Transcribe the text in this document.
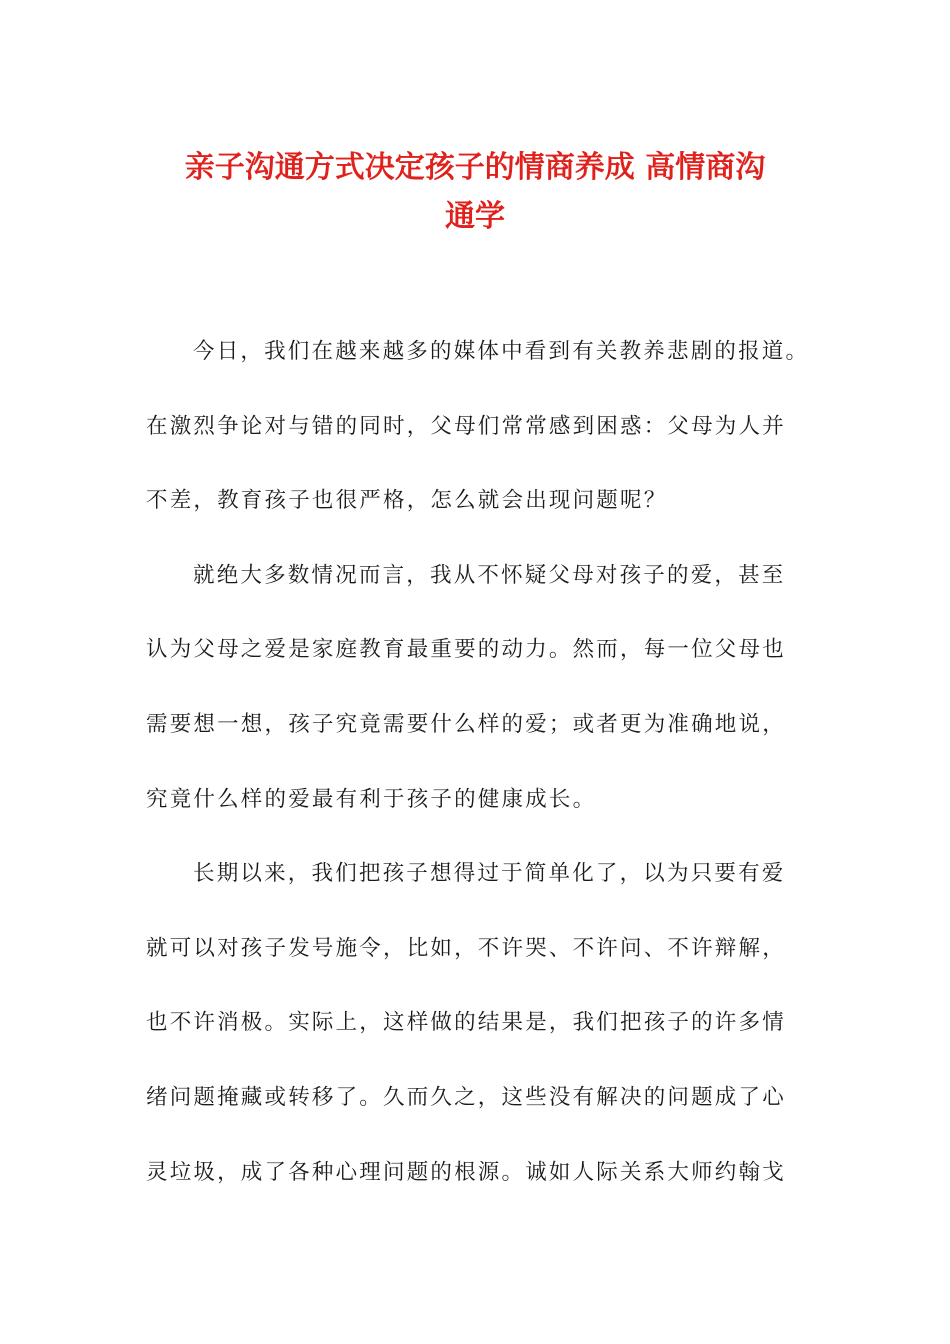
亲子沟通方式决定孩子的情商养成 高情商沟
通学
今日，我们在越来越多的媒体中看到有关教养悲剧的报道。
在激烈争论对与错的同时，父母们常常感到困惑：父母为人并
不差，教育孩子也很严格，怎么就会出现问题呢？
就绝大多数情况而言，我从不怀疑父母对孩子的爱，甚至
认为父母之爱是家庭教育最重要的动力。然而，每一位父母也
需要想一想，孩子究竟需要什么样的爱；或者更为准确地说，
究竟什么样的爱最有利于孩子的健康成长。
长期以来，我们把孩子想得过于简单化了，以为只要有爱
就可以对孩子发号施令，比如，不许哭、不许问、不许辩解，
也不许消极。实际上，这样做的结果是，我们把孩子的许多情
绪问题掩藏或转移了。久而久之，这些没有解决的问题成了心
灵垃圾，成了各种心理问题的根源。诚如人际关系大师约翰戈
